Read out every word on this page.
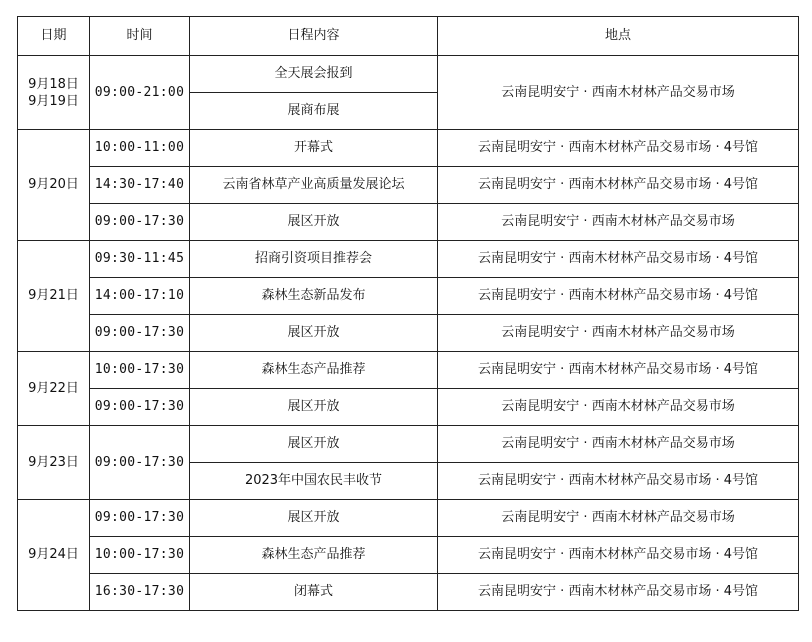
日期	时间	日程内容	地点

9月18日
9月19日	09:00-21:00	全天展会报到	云南昆明安宁 · 西南木材林产品交易市场
		展商布展	
9月20日	10:00-11:00	开幕式	云南昆明安宁 · 西南木材林产品交易市场 · 4号馆
	14:30-17:40	云南省林草产业高质量发展论坛	云南昆明安宁 · 西南木材林产品交易市场 · 4号馆
	09:00-17:30	展区开放	云南昆明安宁 · 西南木材林产品交易市场
9月21日	09:30-11:45	招商引资项目推荐会	云南昆明安宁 · 西南木材林产品交易市场 · 4号馆
	14:00-17:10	森林生态新品发布	云南昆明安宁 · 西南木材林产品交易市场 · 4号馆
	09:00-17:30	展区开放	云南昆明安宁 · 西南木材林产品交易市场
9月22日	10:00-17:30	森林生态产品推荐	云南昆明安宁 · 西南木材林产品交易市场 · 4号馆
	09:00-17:30	展区开放	云南昆明安宁 · 西南木材林产品交易市场
9月23日	09:00-17:30	展区开放	云南昆明安宁 · 西南木材林产品交易市场
		2023年中国农民丰收节	云南昆明安宁 · 西南木材林产品交易市场 · 4号馆
9月24日	09:00-17:30	展区开放	云南昆明安宁 · 西南木材林产品交易市场
	10:00-17:30	森林生态产品推荐	云南昆明安宁 · 西南木材林产品交易市场 · 4号馆
	16:30-17:30	闭幕式	云南昆明安宁 · 西南木材林产品交易市场 · 4号馆
